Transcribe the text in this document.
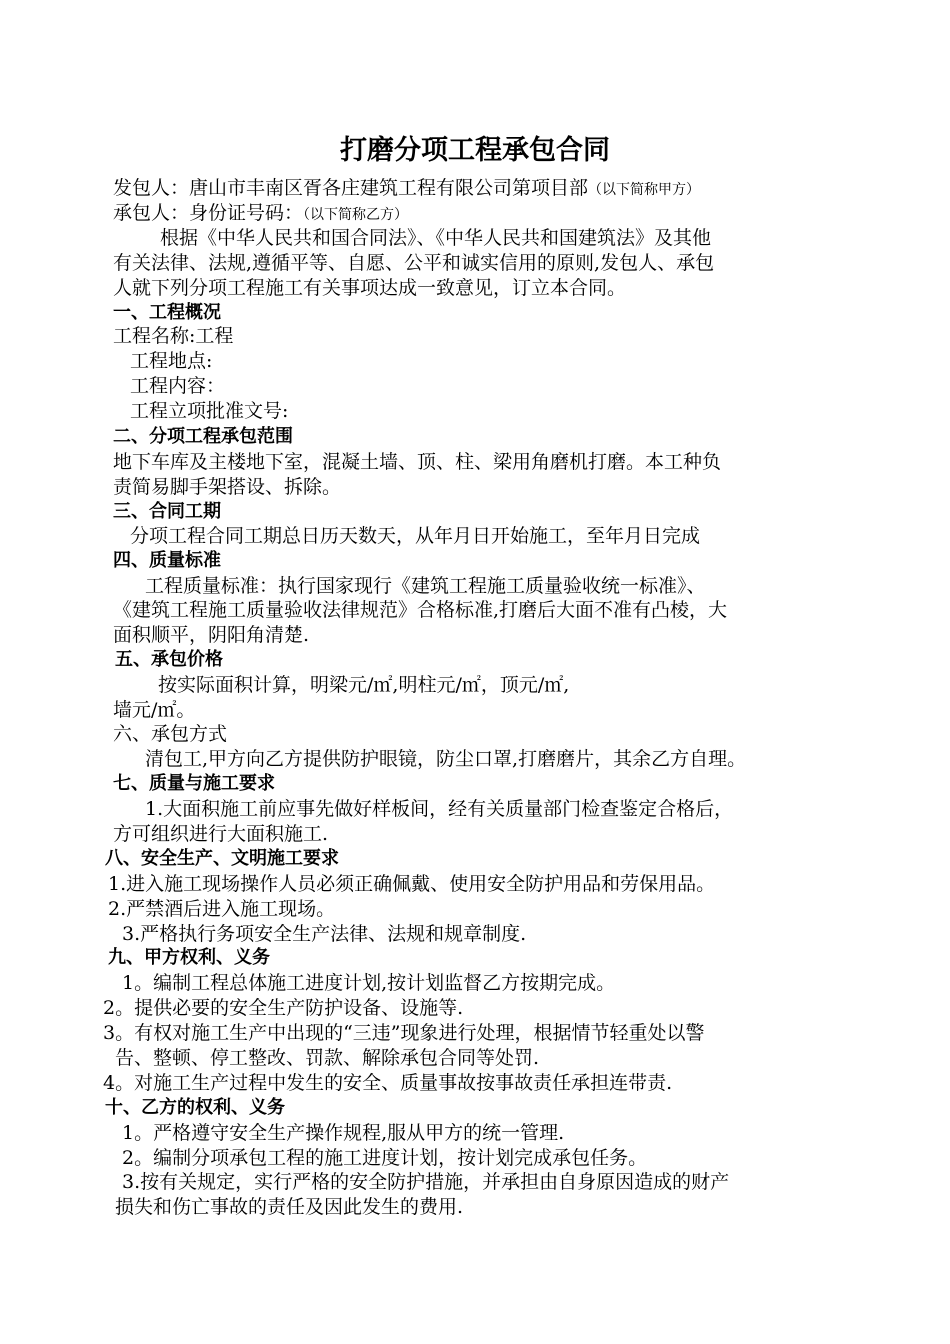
打磨分项工程承包合同
发包人：唐山市丰南区胥各庄建筑工程有限公司第项目部（以下简称甲方）
承包人：身份证号码：（以下简称乙方）
根据《中华人民共和国合同法》、《中华人民共和国建筑法》及其他
有关法律、法规,遵循平等、自愿、公平和诚实信用的原则,发包人、承包
人就下列分项工程施工有关事项达成一致意见，订立本合同。
一、工程概况
工程名称:工程
工程地点:
工程内容：
工程立项批准文号:
二、分项工程承包范围
地下车库及主楼地下室，混凝土墙、顶、柱、梁用角磨机打磨。本工种负
责简易脚手架搭设、拆除。
三、合同工期
分项工程合同工期总日历天数天，从年月日开始施工，至年月日完成
四、质量标准
工程质量标准：执行国家现行《建筑工程施工质量验收统一标准》、
《建筑工程施工质量验收法律规范》合格标准,打磨后大面不准有凸棱，大
面积顺平，阴阳角清楚.
五、承包价格
按实际面积计算，明梁元/㎡,明柱元/㎡，顶元/㎡,
墙元/㎡。
六、承包方式
清包工,甲方向乙方提供防护眼镜，防尘口罩,打磨磨片，其余乙方自理。
七、质量与施工要求
1.大面积施工前应事先做好样板间，经有关质量部门检查鉴定合格后，
方可组织进行大面积施工.
八、安全生产、文明施工要求
1.进入施工现场操作人员必须正确佩戴、使用安全防护用品和劳保用品。
2.严禁酒后进入施工现场。
3.严格执行务项安全生产法律、法规和规章制度.
九、甲方权利、义务
1。编制工程总体施工进度计划,按计划监督乙方按期完成。
2。提供必要的安全生产防护设备、设施等.
3。有权对施工生产中出现的“三违”现象进行处理，根据情节轻重处以警
告、整顿、停工整改、罚款、解除承包合同等处罚.
4。对施工生产过程中发生的安全、质量事故按事故责任承担连带责.
十、乙方的权利、义务
1。严格遵守安全生产操作规程,服从甲方的统一管理.
2。编制分项承包工程的施工进度计划，按计划完成承包任务。
3.按有关规定，实行严格的安全防护措施，并承担由自身原因造成的财产
损失和伤亡事故的责任及因此发生的费用.
